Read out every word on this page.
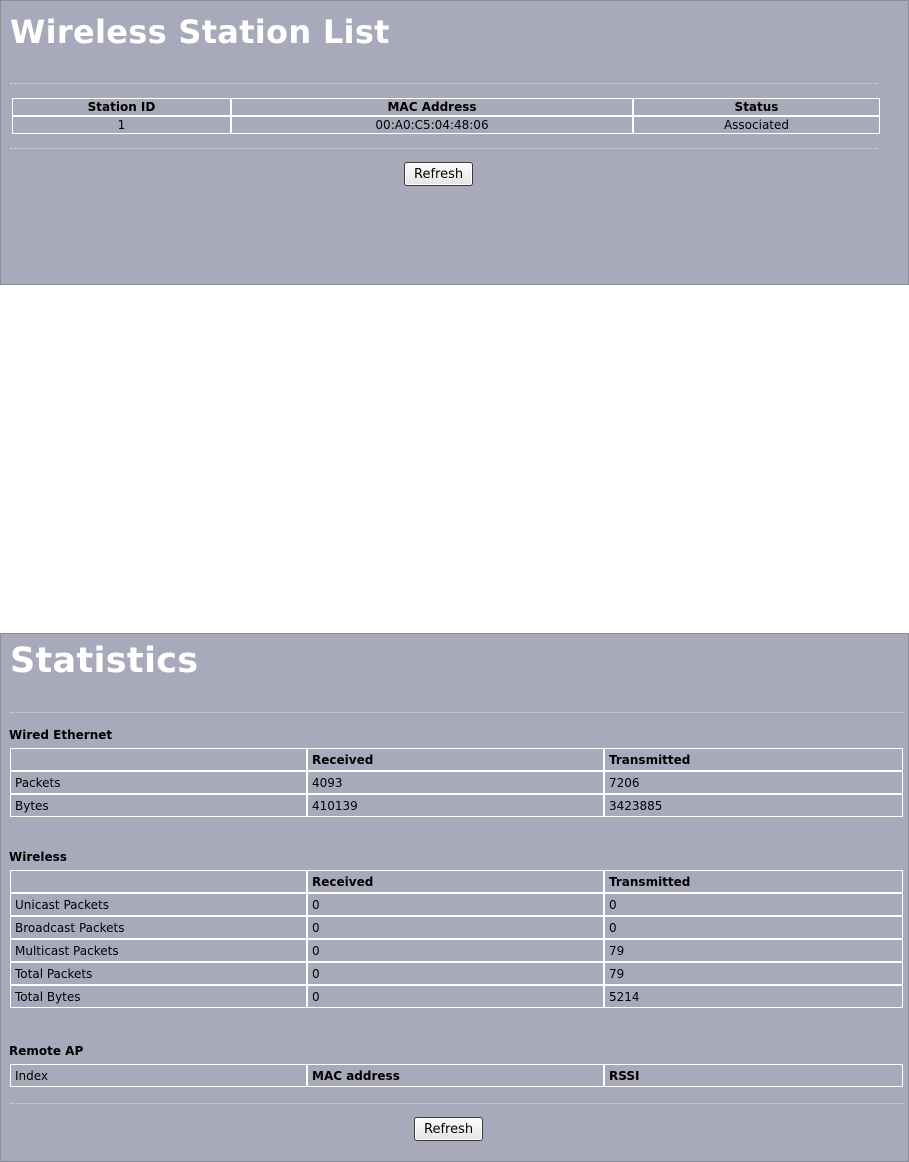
Wireless Station List
Station ID	MAC Address	Status
1	00:A0:C5:04:48:06	Associated
Refresh
Statistics
Wired Ethernet
	Received	Transmitted
Packets	4093	7206
Bytes	410139	3423885
Wireless
	Received	Transmitted
Unicast Packets	0	0
Broadcast Packets	0	0
Multicast Packets	0	79
Total Packets	0	79
Total Bytes	0	5214
Remote AP
Index	MAC address	RSSI
Refresh
